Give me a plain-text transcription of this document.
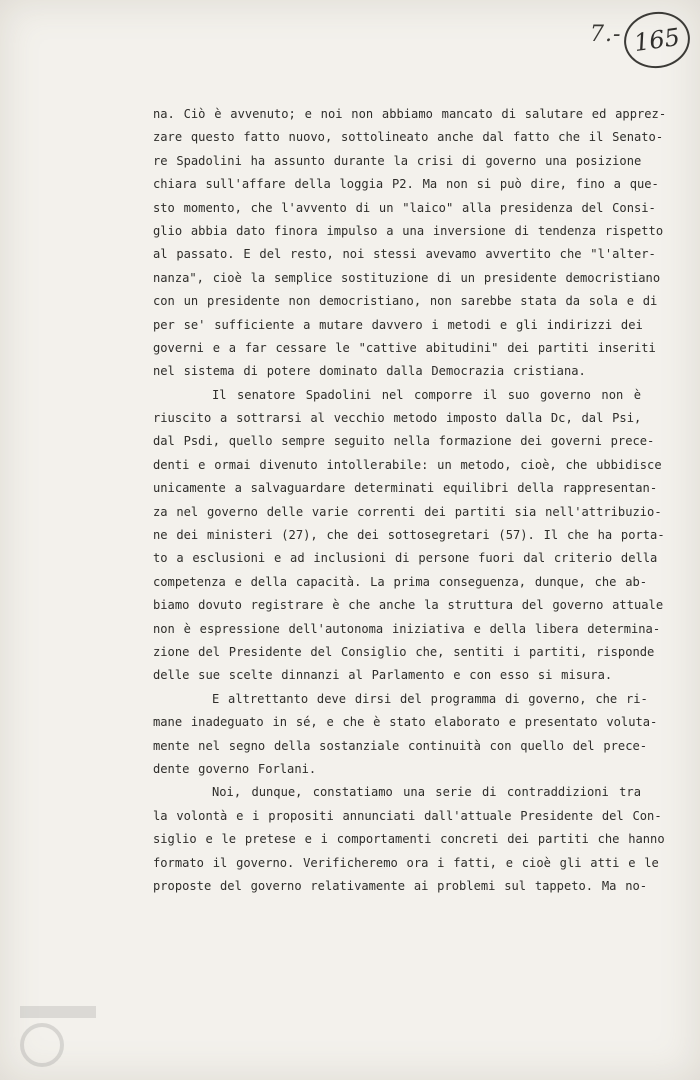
7.- 165
na. Ciò è avvenuto; e noi non abbiamo mancato di salutare ed apprez-
zare questo fatto nuovo, sottolineato anche dal fatto che il Senato-
re Spadolini ha assunto durante la crisi di governo una posizione
chiara sull'affare della loggia P2. Ma non si può dire, fino a que-
sto momento, che l'avvento di un "laico" alla presidenza del Consi-
glio abbia dato finora impulso a una inversione di tendenza rispetto
al passato. E del resto, noi stessi avevamo avvertito che "l'alter-
nanza", cioè la semplice sostituzione di un presidente democristiano
con un presidente non democristiano, non sarebbe stata da sola e di
per se' sufficiente a mutare davvero i metodi e gli indirizzi dei
governi e a far cessare le "cattive abitudini" dei partiti inseriti
nel sistema di potere dominato dalla Democrazia cristiana.
Il senatore Spadolini nel comporre il suo governo non è
riuscito a sottrarsi al vecchio metodo imposto dalla Dc, dal Psi,
dal Psdi, quello sempre seguito nella formazione dei governi prece-
denti e ormai divenuto intollerabile: un metodo, cioè, che ubbidisce
unicamente a salvaguardare determinati equilibri della rappresentan-
za nel governo delle varie correnti dei partiti sia nell'attribuzio-
ne dei ministeri (27), che dei sottosegretari (57). Il che ha porta-
to a esclusioni e ad inclusioni di persone fuori dal criterio della
competenza e della capacità. La prima conseguenza, dunque, che ab-
biamo dovuto registrare è che anche la struttura del governo attuale
non è espressione dell'autonoma iniziativa e della libera determina-
zione del Presidente del Consiglio che, sentiti i partiti, risponde
delle sue scelte dinnanzi al Parlamento e con esso si misura.
E altrettanto deve dirsi del programma di governo, che ri-
mane inadeguato in sé, e che è stato elaborato e presentato voluta-
mente nel segno della sostanziale continuità con quello del prece-
dente governo Forlani.
Noi, dunque, constatiamo una serie di contraddizioni tra
la volontà e i propositi annunciati dall'attuale Presidente del Con-
siglio e le pretese e i comportamenti concreti dei partiti che hanno
formato il governo. Verificheremo ora i fatti, e cioè gli atti e le
proposte del governo relativamente ai problemi sul tappeto. Ma no-
